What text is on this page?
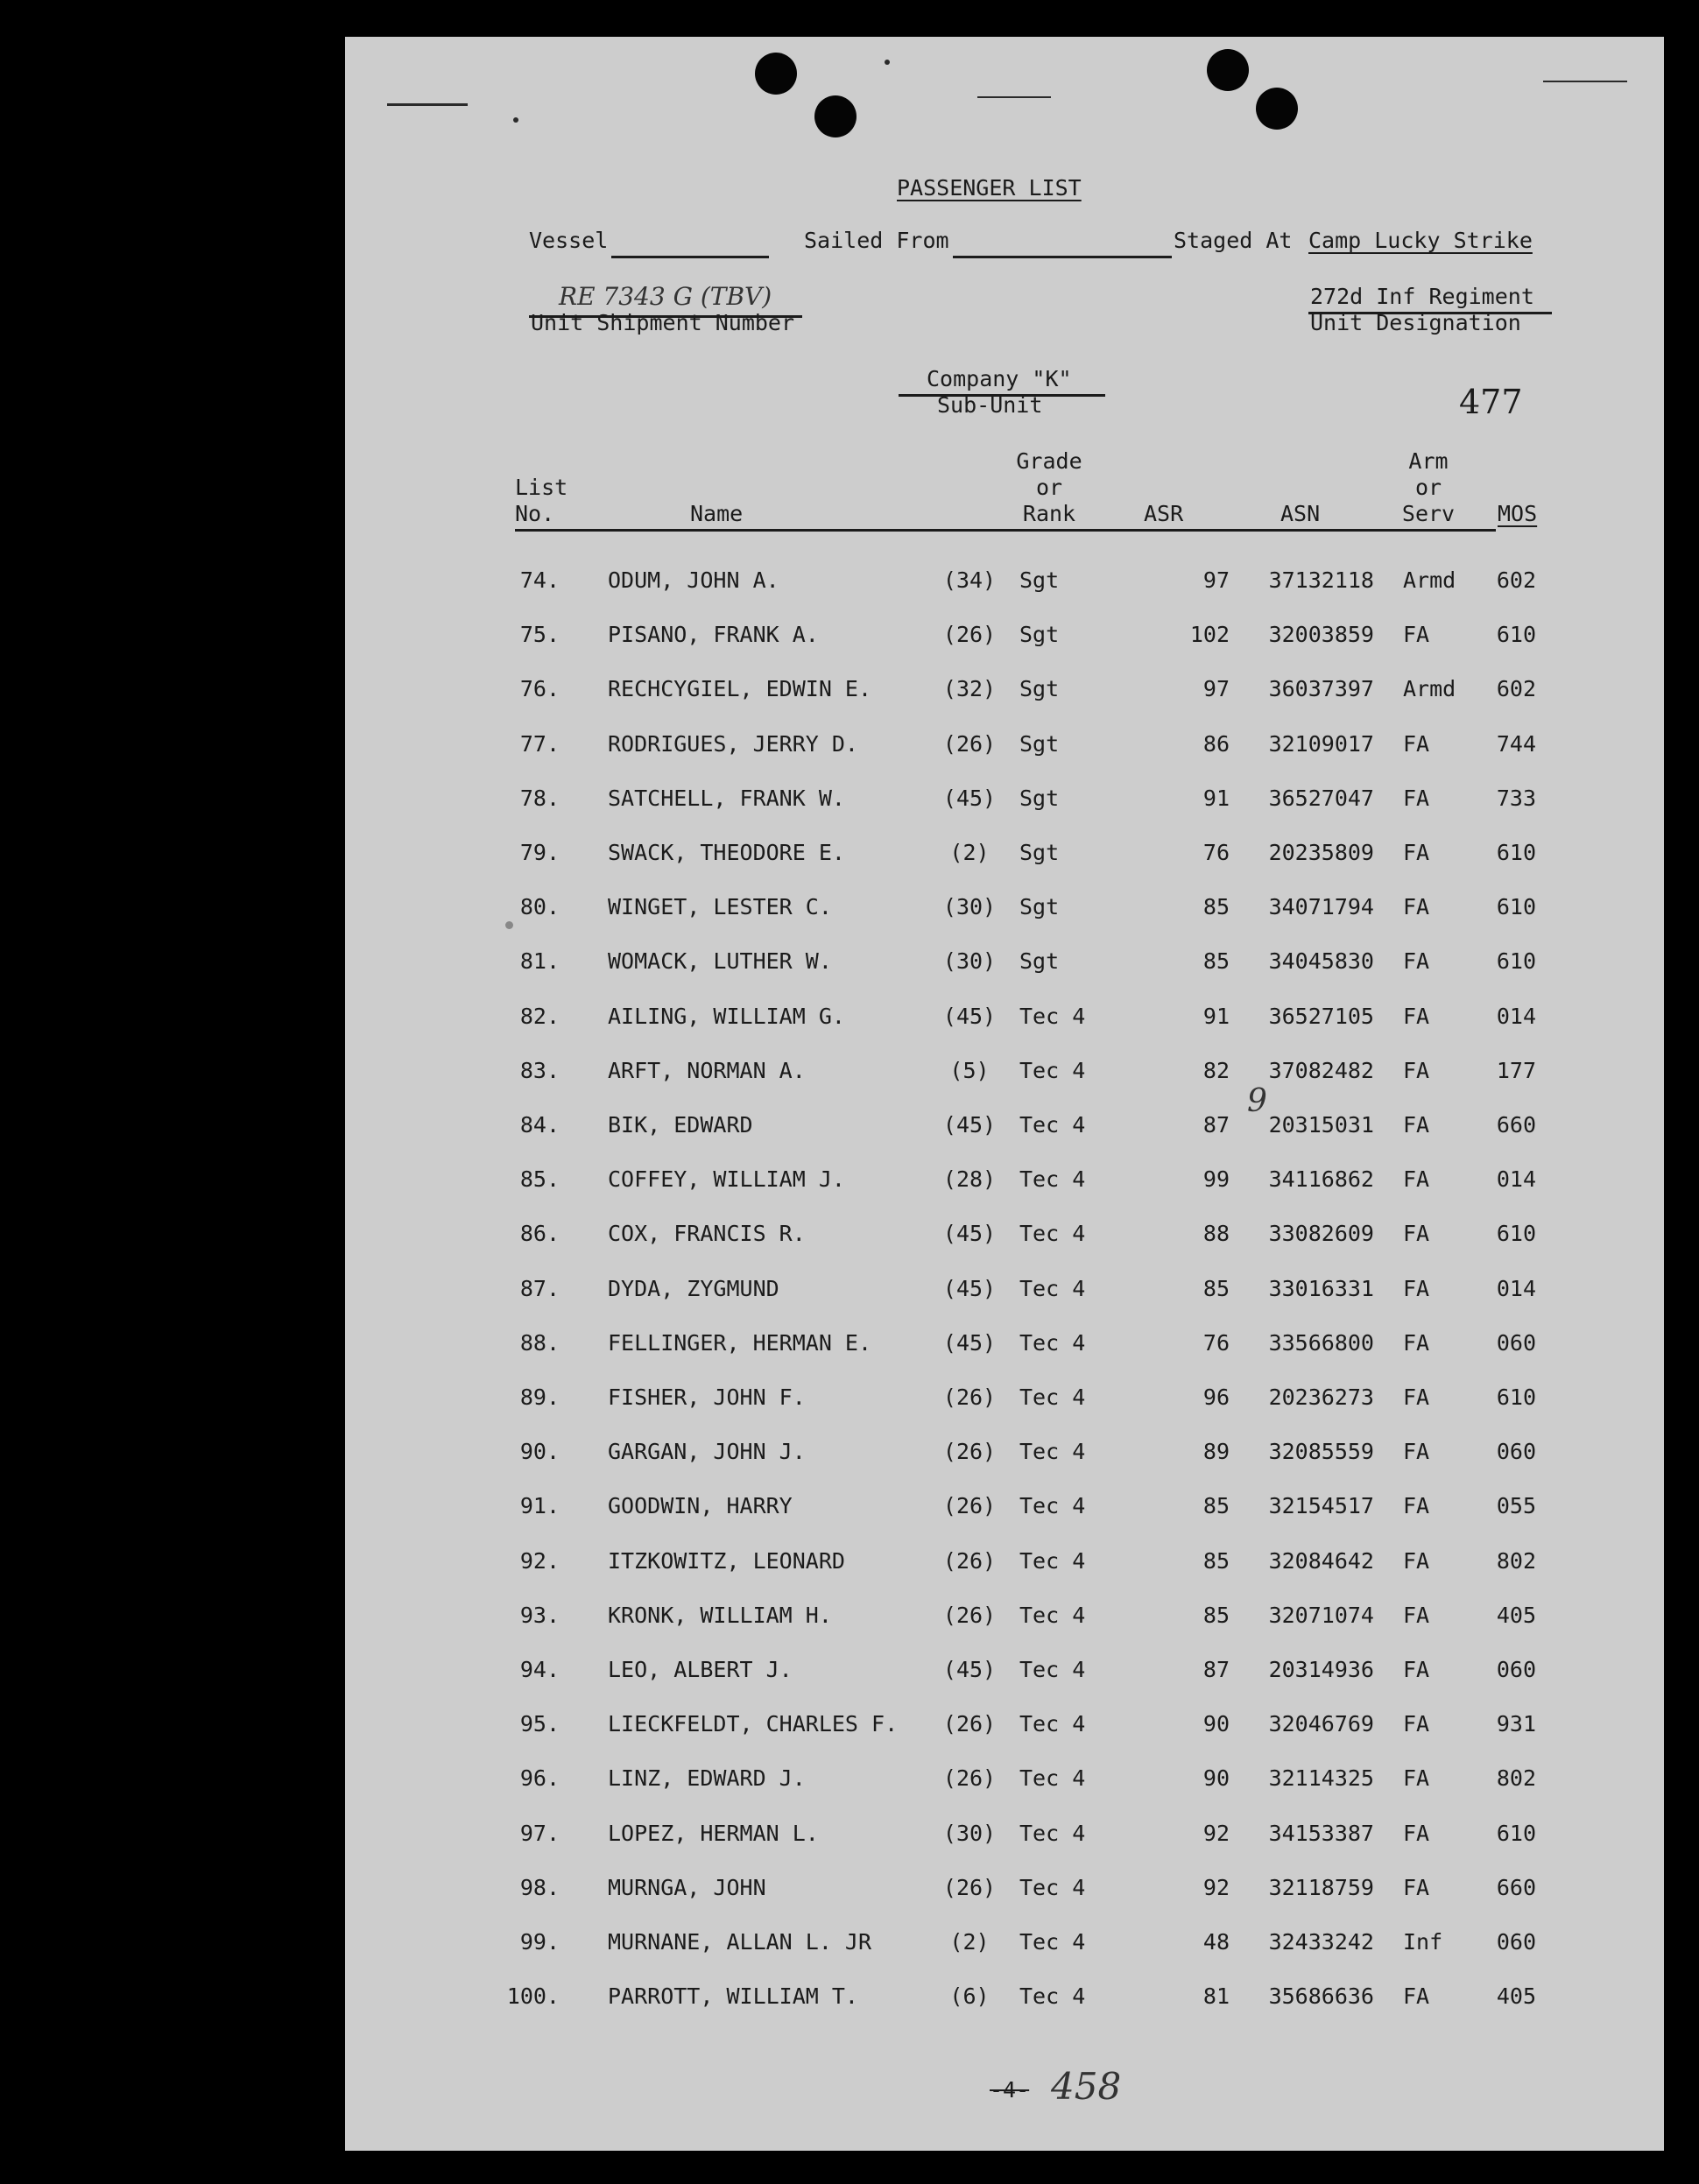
PASSENGER LIST
Vessel	Sailed From	Staged At Camp Lucky Strike
RE 7343 G (TBV)
Unit Shipment Number
272d Inf Regiment
Unit Designation
Company "K"
Sub-Unit	477
List
No.	Name
Grade
or
Rank	ASR	ASN
Arm
or
Serv MOS
74. ODUM, JOHN A.	(34)	Sgt	97	37132118 Armd	602
75. PISANO, FRANK A.	(26)	Sgt	102	32003859 FA	610
76. RECHCYGIEL, EDWIN E.	(32)	Sgt	97	36037397 Armd	602
77. RODRIGUES, JERRY D.	(26)	Sgt	86	32109017 FA	744
78. SATCHELL, FRANK W.	(45)	Sgt	91	36527047 FA	733
79. SWACK, THEODORE E.	(2)	Sgt	76	20235809 FA	610
80. WINGET, LESTER C.	(30)	Sgt	85	34071794 FA	610
81. WOMACK, LUTHER W.	(30)	Sgt	85	34045830 FA	610
82. AILING, WILLIAM G.	(45)	Tec 4	91	36527105 FA	014
83. ARFT, NORMAN A.	(5)	Tec 4	82	37082482 FA	177
84. BIK, EDWARD	(45)	Tec 4	87	20315031 FA	660
85. COFFEY, WILLIAM J.	(28)	Tec 4	99	34116862 FA	014
86. COX, FRANCIS R.	(45)	Tec 4	88	33082609 FA	610
87. DYDA, ZYGMUND	(45)	Tec 4	85	33016331 FA	014
88. FELLINGER, HERMAN E.	(45)	Tec 4	76	33566800 FA	060
89. FISHER, JOHN F.	(26)	Tec 4	96	20236273 FA	610
90. GARGAN, JOHN J.	(26)	Tec 4	89	32085559 FA	060
91. GOODWIN, HARRY	(26)	Tec 4	85	32154517 FA	055
92. ITZKOWITZ, LEONARD	(26)	Tec 4	85	32084642 FA	802
93. KRONK, WILLIAM H.	(26)	Tec 4	85	32071074 FA	405
94. LEO, ALBERT J.	(45)	Tec 4	87	20314936 FA	060
95. LIECKFELDT, CHARLES F.	(26)	Tec 4	90	32046769 FA	931
96. LINZ, EDWARD J.	(26)	Tec 4	90	32114325 FA	802
97. LOPEZ, HERMAN L.	(30)	Tec 4	92	34153387 FA	610
98. MURNGA, JOHN	(26)	Tec 4	92	32118759 FA	660
99. MURNANE, ALLAN L. JR	(2)	Tec 4	48	32433242 Inf	060
100. PARROTT, WILLIAM T.	(6)	Tec 4	81	35686636 FA	405
9
-4- 458
